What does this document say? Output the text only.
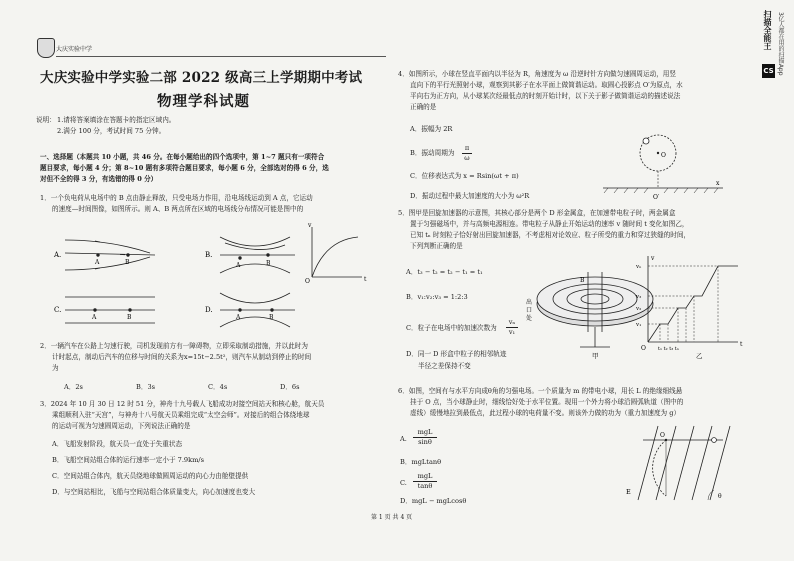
大庆实验中学	扫描全能王
CS 3亿人都在用的扫描App
大庆实验中学实验二部 2022 级高三上学期期中考试
物理学科试题
说明： 1.请将答案填涂在答题卡的指定区域内。
2.满分 100 分，考试时间 75 分钟。
一、选择题（本题共 10 小题，共 46 分。在每小题给出的四个选项中，第 1~7 题只有一项符合
题目要求，每小题 4 分；第 8~10 题有多项符合题目要求，每小题 6 分，全部选对的得 6 分，选
对但不全的得 3 分，有选错的得 0 分）
1．一个负电荷从电场中的 B 点由静止释放，只受电场力作用，沿电场线运动到 A 点，它运动
的速度—时间图像，如图所示。则 A、B 两点所在区域的电场线分布情况可能是图中的
A.
A	B
B.
A	B
v
O	t
C.
A	B
D.
A	B
2．一辆汽车在公路上匀速行驶，司机发现前方有一障碍物，立即采取制动措施，并以此时为
计时起点，制动后汽车的位移与时间的关系为x=15t−2.5t²，则汽车从制动到停止的时间
为
A．2s	B．3s	C．4s	D．6s
3．2024 年 10 月 30 日 12 时 51 分，神舟十九号载人飞船成功对接空间站天和核心舱，航天员
乘组顺利入驻“天宫”，与神舟十八号航天员乘组完成“太空会师”。对接后的组合体绕地球
的运动可视为匀速圆周运动，下列说法正确的是
A．飞船发射阶段，航天员一直处于失重状态
B．飞船空间站组合体的运行速率一定小于 7.9km/s
C．空间站组合体内，航天员绕地球做圆周运动的向心力由舱壁提供
D．与空间站相比，飞船与空间站组合体质量变大，向心加速度也变大
4．如图所示，小球在竖直平面内以半径为 R，角速度为 ω 沿逆时针方向做匀速圆周运动，用竖
直向下的平行光照射小球，观察到其影子在水平面上做简谐运动。取圆心投影点 O′为原点，水
平向右为正方向，从小球某次经最低点的时刻开始计时，以下关于影子做简谐运动的描述说法
正确的是
A．振幅为 2R
B．振动周期为
π
ω
C．位移表达式为 x = Rsin(ωt + π)
D．振动过程中最大加速度的大小为 ω²R
O
O′
x
5．图甲是回旋加速器的示意图，其核心部分是两个 D 形金属盒，在加速带电粒子时，两金属盒
置于匀强磁场中，并与高频电源相连。带电粒子从静止开始运动的速率 v 随时间 t 变化如图乙，
已知 tₙ 时刻粒子恰好射出回旋加速器，不考虑相对论效应、粒子所受的重力和穿过狭缝的时间，
下列判断正确的是
A．t₃ − t₂ = t₂ − t₁ = t₁
B．v₁:v₂:v₃ = 1:2:3
C．粒子在电场中的加速次数为
vₙ
v₁
D．同一 D 形盒中粒子的相邻轨迹
半径之差保持不变
B
出
口
处
甲
v
vₙ
v₃
v₂
v₁
O t₁ t₂ t₃ tₙ
t
乙
6．如图，空间有与水平方向成θ角的匀强电场。一个质量为 m 的带电小球，用长 L 的绝缘细线悬
挂于 O 点，当小球静止时，细线恰好处于水平位置。现用一个外力将小球沿圆弧轨道（图中的
虚线）缓慢地拉到最低点，此过程小球的电荷量不变。则该外力做的功为（重力加速度为 g）
A.
mgL
sinθ
B．mgLtanθ
C.
mgL
tanθ
D．mgL − mgLcosθ
O
E
θ
第 1 页 共 4 页
